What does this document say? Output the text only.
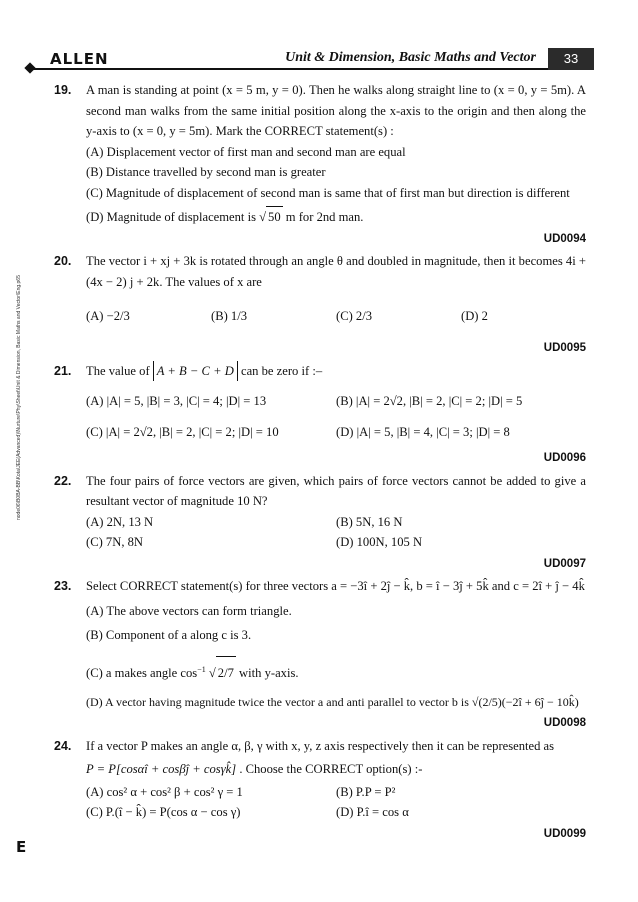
ALLEN	Unit & Dimension, Basic Maths and Vector	33
node06\B0BA-BB\Kota\JEE(Advanced)\Nurture\Phy\Sheet\Unit & Dimension, Basic Maths and Vector\Eng.p65
E
19. A man is standing at point (x = 5 m, y = 0). Then he walks along straight line to (x = 0, y = 5m). A second man walks from the same initial position along the x-axis to the origin and then along the y-axis to (x = 0, y = 5m). Mark the CORRECT statement(s) :
(A) Displacement vector of first man and second man are equal
(B) Distance travelled by second man is greater
(C) Magnitude of displacement of second man is same that of first man but direction is different
(D) Magnitude of displacement is √ 50 m for 2nd man.
UD0094
20. The vector i + xj + 3k is rotated through an angle θ and doubled in magnitude, then it becomes 4i + (4x − 2) j + 2k. The values of x are
(A) −2/3	(B) 1/3	(C) 2/3	(D) 2
UD0095
21. The value of A + B − C + D can be zero if :–
(A) |A| = 5, |B| = 3, |C| = 4; |D| = 13	(B) |A| = 2√2, |B| = 2, |C| = 2; |D| = 5
(C) |A| = 2√2, |B| = 2, |C| = 2; |D| = 10	(D) |A| = 5, |B| = 4, |C| = 3; |D| = 8
UD0096
22. The four pairs of force vectors are given, which pairs of force vectors cannot be added to give a resultant vector of magnitude 10 N?
(A) 2N, 13 N	(B) 5N, 16 N
(C) 7N, 8N	(D) 100N, 105 N
UD0097
23. Select CORRECT statement(s) for three vectors a = −3î + 2ĵ − k̂, b = î − 3ĵ + 5k̂ and c = 2î + ĵ − 4k̂
(A) The above vectors can form triangle.
(B) Component of a along c is 3.
(C) a makes angle $\cos^{-1}$ √ 2/7 with y-axis.
(D) A vector having magnitude twice the vector a and anti parallel to vector b is √(2/5)(−2î + 6ĵ − 10k̂)
UD0098
24. If a vector P makes an angle α, β, γ with x, y, z axis respectively then it can be represented as
P = P[cosαî + cosβĵ + cosγk̂] . Choose the CORRECT option(s) :-
(A) cos² α + cos² β + cos² γ = 1	(B) P.P = P²
(C) P.(î − k̂) = P(cos α − cos γ)	(D) P.î = cos α
UD0099
